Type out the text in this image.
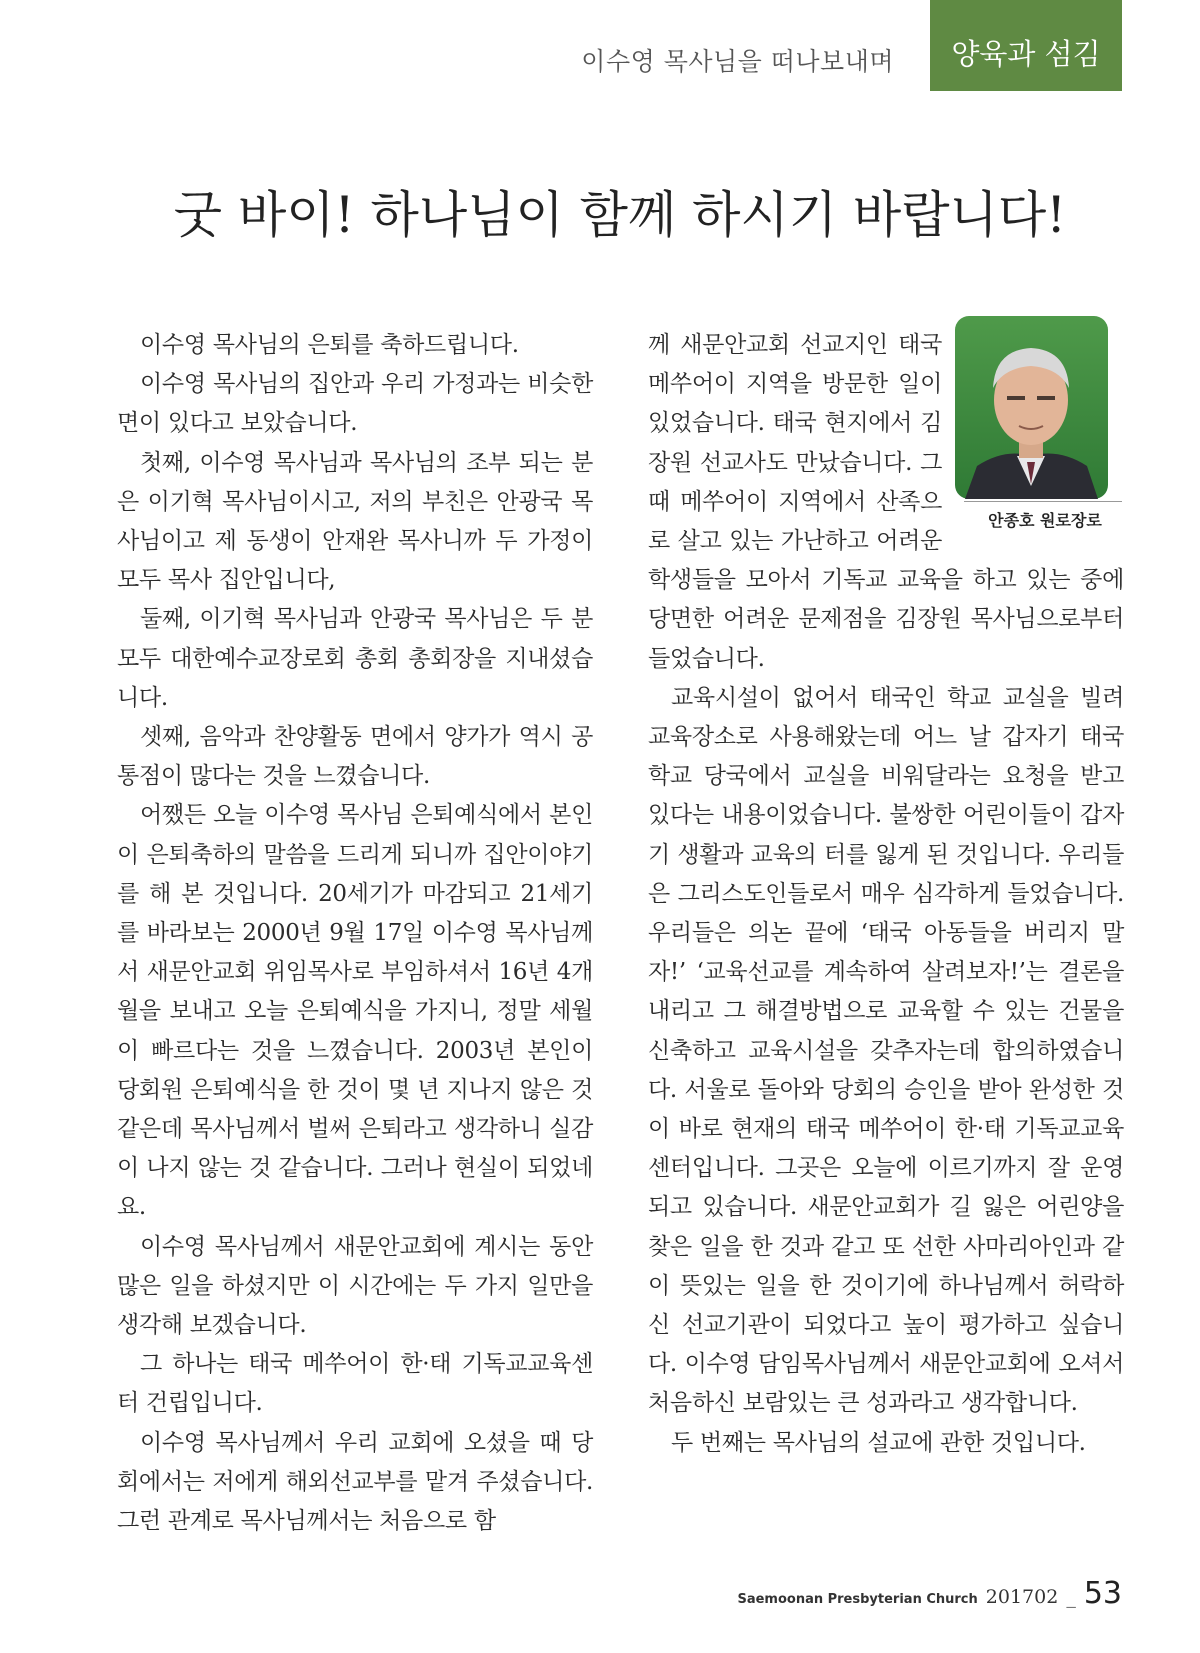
이수영 목사님을 떠나보내며 양육과 섬김
굿 바이! 하나님이 함께 하시기 바랍니다!

이수영 목사님의 은퇴를 축하드립니다.

이수영 목사님의 집안과 우리 가정과는 비슷한 면이 있다고 보았습니다.

첫째, 이수영 목사님과 목사님의 조부 되는 분은 이기혁 목사님이시고, 저의 부친은 안광국 목사님이고 제 동생이 안재완 목사니까 두 가정이 모두 목사 집안입니다,

둘째, 이기혁 목사님과 안광국 목사님은 두 분 모두 대한예수교장로회 총회 총회장을 지내셨습니다.

셋째, 음악과 찬양활동 면에서 양가가 역시 공통점이 많다는 것을 느꼈습니다.

어쨌든 오늘 이수영 목사님 은퇴예식에서 본인이 은퇴축하의 말씀을 드리게 되니까 집안이야기를 해 본 것입니다. 20세기가 마감되고 21세기를 바라보는 2000년 9월 17일 이수영 목사님께서 새문안교회 위임목사로 부임하셔서 16년 4개월을 보내고 오늘 은퇴예식을 가지니, 정말 세월이 빠르다는 것을 느꼈습니다. 2003년 본인이 당회원 은퇴예식을 한 것이 몇 년 지나지 않은 것 같은데 목사님께서 벌써 은퇴라고 생각하니 실감이 나지 않는 것 같습니다. 그러나 현실이 되었네요.

이수영 목사님께서 새문안교회에 계시는 동안 많은 일을 하셨지만 이 시간에는 두 가지 일만을 생각해 보겠습니다.

그 하나는 태국 메쑤어이 한·태 기독교교육센터 건립입니다.

이수영 목사님께서 우리 교회에 오셨을 때 당회에서는 저에게 해외선교부를 맡겨 주셨습니다. 그런 관계로 목사님께서는 처음으로 함

께 새문안교회 선교지인 태국 메쑤어이 지역을 방문한 일이 있었습니다. 태국 현지에서 김장원 선교사도 만났습니다. 그때 메쑤어이 지역에서 산족으로 살고 있는 가난하고 어려운 학생들을 모아서 기독교 교육을 하고 있는 중에 당면한 어려운 문제점을 김장원 목사님으로부터 들었습니다.

교육시설이 없어서 태국인 학교 교실을 빌려 교육장소로 사용해왔는데 어느 날 갑자기 태국 학교 당국에서 교실을 비워달라는 요청을 받고 있다는 내용이었습니다. 불쌍한 어린이들이 갑자기 생활과 교육의 터를 잃게 된 것입니다. 우리들은 그리스도인들로서 매우 심각하게 들었습니다. 우리들은 의논 끝에 ‘태국 아동들을 버리지 말자!’ ‘교육선교를 계속하여 살려보자!’는 결론을 내리고 그 해결방법으로 교육할 수 있는 건물을 신축하고 교육시설을 갖추자는데 합의하였습니다. 서울로 돌아와 당회의 승인을 받아 완성한 것이 바로 현재의 태국 메쑤어이 한·태 기독교교육센터입니다. 그곳은 오늘에 이르기까지 잘 운영되고 있습니다. 새문안교회가 길 잃은 어린양을 찾은 일을 한 것과 같고 또 선한 사마리아인과 같이 뜻있는 일을 한 것이기에 하나님께서 허락하신 선교기관이 되었다고 높이 평가하고 싶습니다. 이수영 담임목사님께서 새문안교회에 오셔서 처음하신 보람있는 큰 성과라고 생각합니다.

두 번째는 목사님의 설교에 관한 것입니다.

안종호 원로장로
Saemoonan Presbyterian Church 201702 _ 53
